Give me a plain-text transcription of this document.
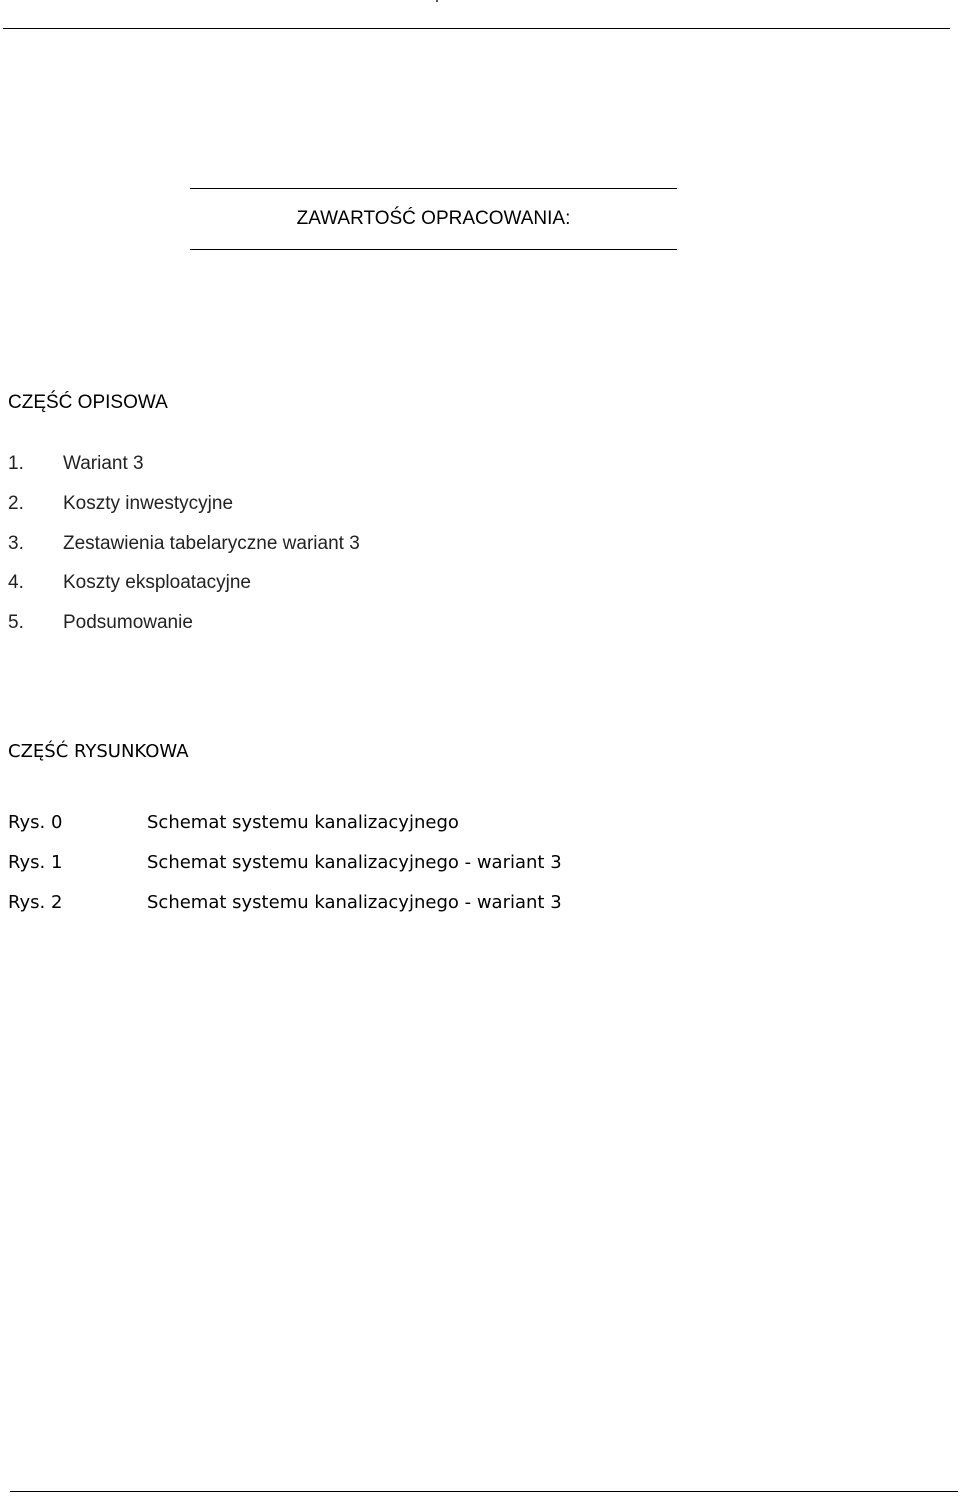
ZAWARTOŚĆ OPRACOWANIA:
CZĘŚĆ OPISOWA
1.	Wariant 3
2.	Koszty inwestycyjne
3.	Zestawienia tabelaryczne wariant 3
4.	Koszty eksploatacyjne
5.	Podsumowanie
CZĘŚĆ RYSUNKOWA
Rys. 0	Schemat systemu kanalizacyjnego
Rys. 1	Schemat systemu kanalizacyjnego - wariant 3
Rys. 2	Schemat systemu kanalizacyjnego - wariant 3
